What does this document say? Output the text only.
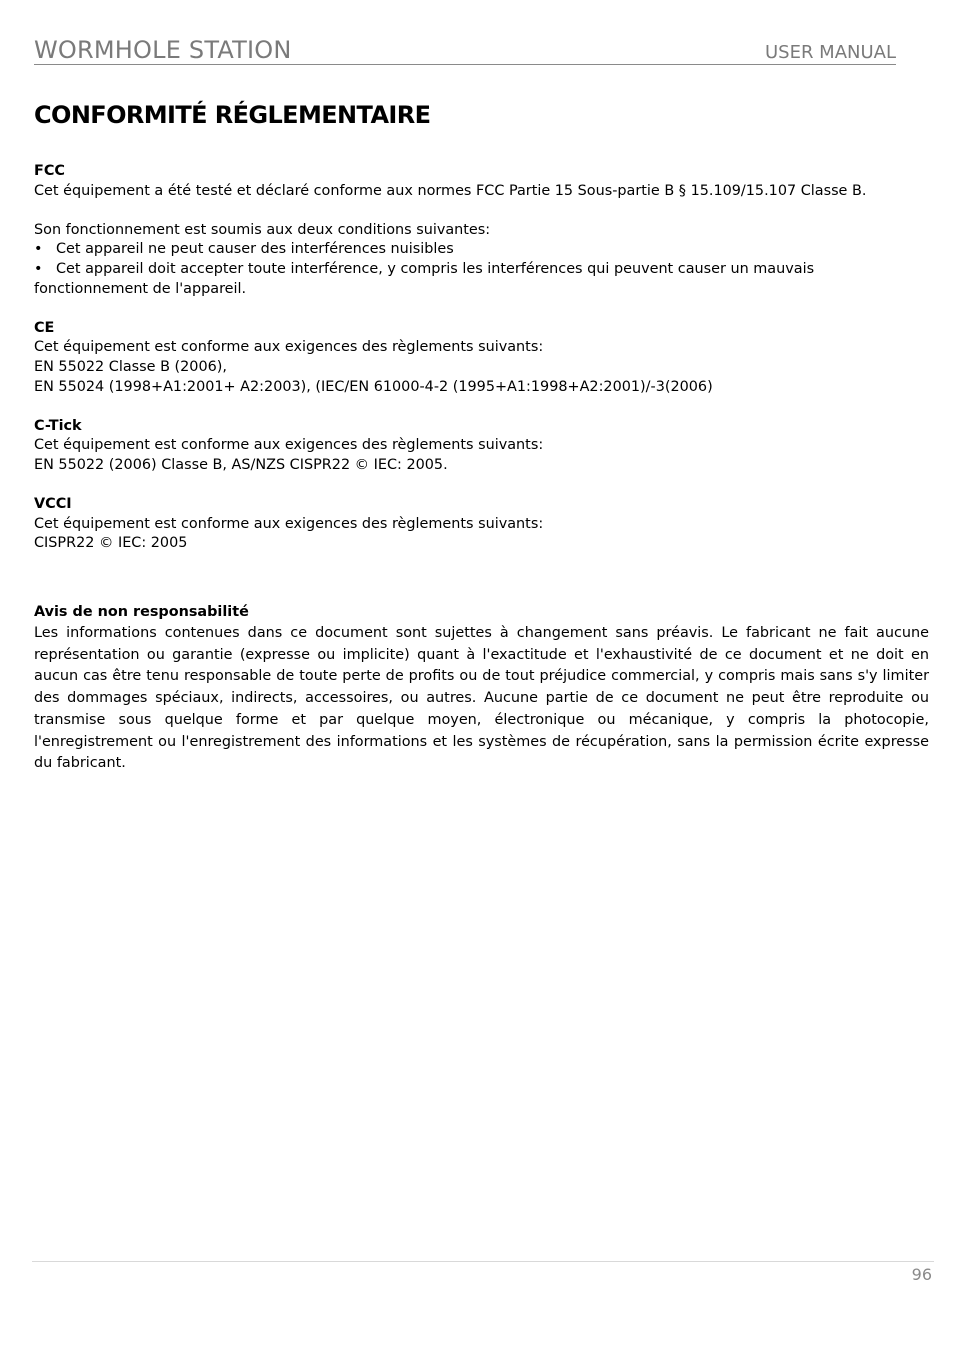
WORMHOLE STATION	USER MANUAL
CONFORMITÉ RÉGLEMENTAIRE
FCC
Cet équipement a été testé et déclaré conforme aux normes FCC Partie 15 Sous-partie B § 15.109/15.107 Classe B.
Son fonctionnement est soumis aux deux conditions suivantes:
• Cet appareil ne peut causer des interférences nuisibles
• Cet appareil doit accepter toute interférence, y compris les interférences qui peuvent causer un mauvais
fonctionnement de l'appareil.
CE
Cet équipement est conforme aux exigences des règlements suivants:
EN 55022 Classe B (2006),
EN 55024 (1998+A1:2001+ A2:2003), (IEC/EN 61000-4-2 (1995+A1:1998+A2:2001)/-3(2006)
C-Tick
Cet équipement est conforme aux exigences des règlements suivants:
EN 55022 (2006) Classe B, AS/NZS CISPR22 © IEC: 2005.
VCCI
Cet équipement est conforme aux exigences des règlements suivants:
CISPR22 © IEC: 2005
Avis de non responsabilité
Les informations contenues dans ce document sont sujettes à changement sans préavis. Le fabricant ne fait aucune représentation ou garantie (expresse ou implicite) quant à l'exactitude et l'exhaustivité de ce document et ne doit en aucun cas être tenu responsable de toute perte de profits ou de tout préjudice commercial, y compris mais sans s'y limiter des dommages spéciaux, indirects, accessoires, ou autres. Aucune partie de ce document ne peut être reproduite ou transmise sous quelque forme et par quelque moyen, électronique ou mécanique, y compris la photocopie, l'enregistrement ou l'enregistrement des informations et les systèmes de récupération, sans la permission écrite expresse du fabricant.
96
